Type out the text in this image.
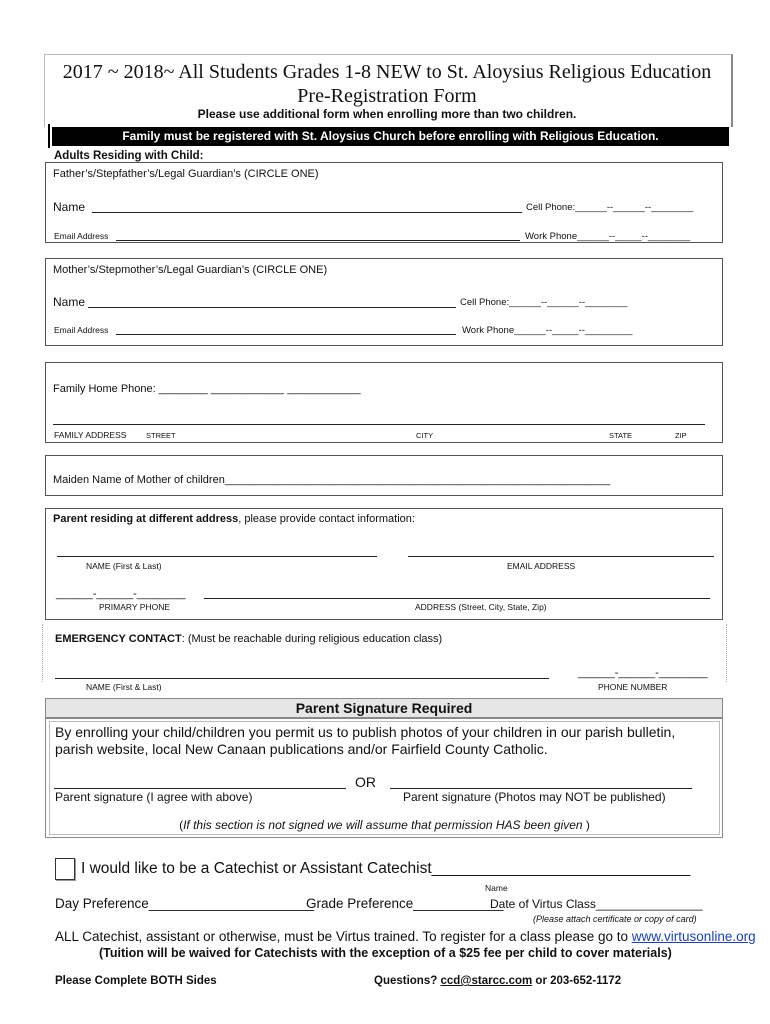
2017 ~ 2018~ All Students Grades 1-8 NEW to St. Aloysius Religious Education
Pre-Registration Form
Please use additional form when enrolling more than two children.
Family must be registered with St. Aloysius Church before enrolling with Religious Education.
Adults Residing with Child:
Father’s/Stepfather’s/Legal Guardian’s (CIRCLE ONE)
Name	Cell Phone:______--______--________
Email Address	Work Phone______--_____--________
Mother’s/Stepmother’s/Legal Guardian’s (CIRCLE ONE)
Name	Cell Phone:______--______--________
Email Address	Work Phone______--_____--_________
Family Home Phone: ________ ____________ ____________
FAMILY ADDRESS	STREET	CITY	STATE	ZIP
Maiden Name of Mother of children_______________________________________________________________
Parent residing at different address, please provide contact information:
NAME (First & Last)	EMAIL ADDRESS
______-______-________
PRIMARY PHONE	ADDRESS (Street, City, State, Zip)
EMERGENCY CONTACT: (Must be reachable during religious education class)
______-______-________
NAME (First & Last)	PHONE NUMBER
Parent Signature Required
By enrolling your child/children you permit us to publish photos of your children in our parish bulletin, parish website, local New Canaan publications and/or Fairfield County Catholic.
OR
Parent signature (I agree with above)	Parent signature (Photos may NOT be published)
(If this section is not signed we will assume that permission HAS been given )
I would like to be a Catechist or Assistant Catechist______________________________
Name
Day Preference______________________
Grade Preference____________
Date of Virtus Class________________
(Please attach certificate or copy of card)
ALL Catechist, assistant or otherwise, must be Virtus trained. To register for a class please go to www.virtusonline.org
(Tuition will be waived for Catechists with the exception of a $25 fee per child to cover materials)
Please Complete BOTH Sides	Questions? ccd@starcc.com or 203-652-1172
